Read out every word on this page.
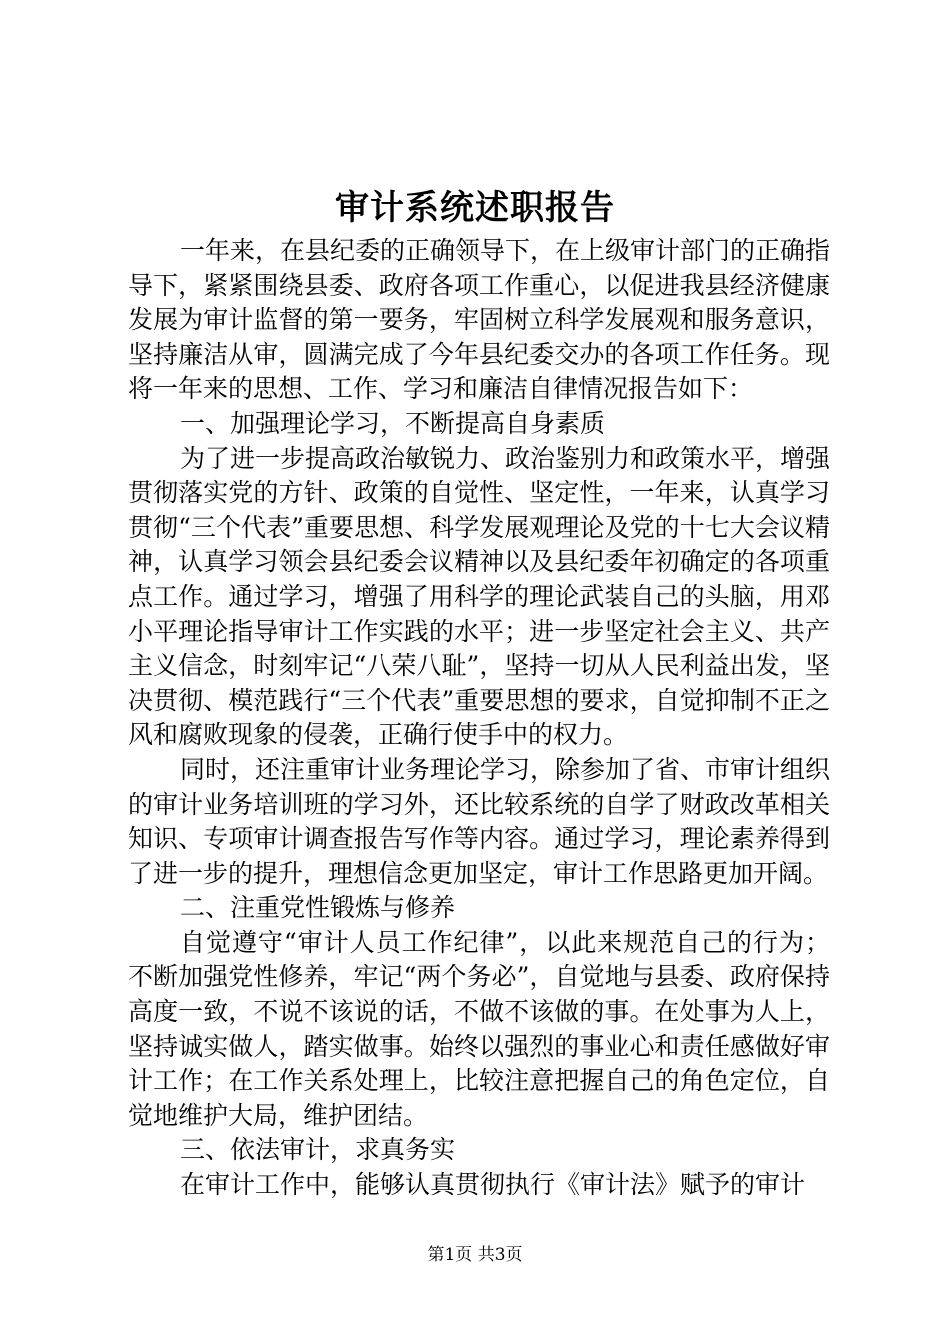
审计系统述职报告

一年来，在县纪委的正确领导下，在上级审计部门的正确指导下，紧紧围绕县委、政府各项工作重心，以促进我县经济健康发展为审计监督的第一要务，牢固树立科学发展观和服务意识，坚持廉洁从审，圆满完成了今年县纪委交办的各项工作任务。现将一年来的思想、工作、学习和廉洁自律情况报告如下：

一、加强理论学习，不断提高自身素质

为了进一步提高政治敏锐力、政治鉴别力和政策水平，增强贯彻落实党的方针、政策的自觉性、坚定性，一年来，认真学习贯彻“三个代表”重要思想、科学发展观理论及党的十七大会议精神，认真学习领会县纪委会议精神以及县纪委年初确定的各项重点工作。通过学习，增强了用科学的理论武装自己的头脑，用邓小平理论指导审计工作实践的水平；进一步坚定社会主义、共产主义信念，时刻牢记“八荣八耻”，坚持一切从人民利益出发，坚决贯彻、模范践行“三个代表”重要思想的要求，自觉抑制不正之风和腐败现象的侵袭，正确行使手中的权力。

同时，还注重审计业务理论学习，除参加了省、市审计组织的审计业务培训班的学习外，还比较系统的自学了财政改革相关知识、专项审计调查报告写作等内容。通过学习，理论素养得到了进一步的提升，理想信念更加坚定，审计工作思路更加开阔。

二、注重党性锻炼与修养

自觉遵守“审计人员工作纪律”，以此来规范自己的行为；不断加强党性修养，牢记“两个务必”，自觉地与县委、政府保持高度一致，不说不该说的话，不做不该做的事。在处事为人上，坚持诚实做人，踏实做事。始终以强烈的事业心和责任感做好审计工作；在工作关系处理上，比较注意把握自己的角色定位，自觉地维护大局，维护团结。

三、依法审计，求真务实

在审计工作中，能够认真贯彻执行《审计法》赋予的审计

第1页 共3页
